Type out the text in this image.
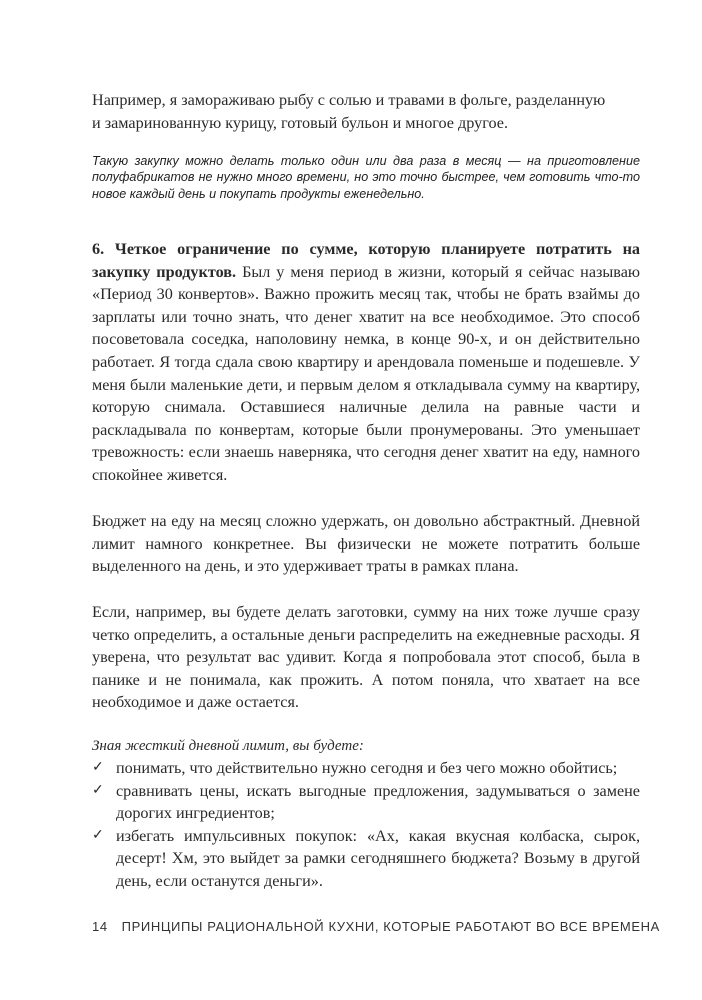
Например, я замораживаю рыбу с солью и травами в фольге, разделанную

и замаринованную курицу, готовый бульон и многое другое.

Такую закупку можно делать только один или два раза в месяц — на приготовление полуфабрикатов не нужно много времени, но это точно быстрее, чем готовить что-то новое каждый день и покупать продукты еженедельно.

6. Четкое ограничение по сумме, которую планируете потратить на закупку продуктов. Был у меня период в жизни, который я сейчас называю «Период 30 конвертов». Важно прожить месяц так, чтобы не брать взаймы до зарплаты или точно знать, что денег хватит на все необходимое. Это способ посоветовала соседка, наполовину немка, в конце 90-х, и он действительно работает. Я тогда сдала свою квартиру и арендовала поменьше и подешевле. У меня были маленькие дети, и первым делом я откладывала сумму на квартиру, которую снимала. Оставшиеся наличные делила на равные части и раскладывала по конвертам, которые были пронумерованы. Это уменьшает тревожность: если знаешь наверняка, что сегодня денег хватит на еду, намного спокойнее живется.

Бюджет на еду на месяц сложно удержать, он довольно абстрактный. Дневной лимит намного конкретнее. Вы физически не можете потратить больше выделенного на день, и это удерживает траты в рамках плана.

Если, например, вы будете делать заготовки, сумму на них тоже лучше сразу четко определить, а остальные деньги распределить на ежедневные расходы. Я уверена, что результат вас удивит. Когда я попробовала этот способ, была в панике и не понимала, как прожить. А потом поняла, что хватает на все необходимое и даже остается.

Зная жесткий дневной лимит, вы будете:

✓ понимать, что действительно нужно сегодня и без чего можно обойтись;
✓ сравнивать цены, искать выгодные предложения, задумываться о замене дорогих ингредиентов;
✓ избегать импульсивных покупок: «Ах, какая вкусная колбаска, сырок, десерт! Хм, это выйдет за рамки сегодняшнего бюджета? Возьму в другой день, если останутся деньги».
14 ПРИНЦИПЫ РАЦИОНАЛЬНОЙ КУХНИ, КОТОРЫЕ РАБОТАЮТ ВО ВСЕ ВРЕМЕНА
